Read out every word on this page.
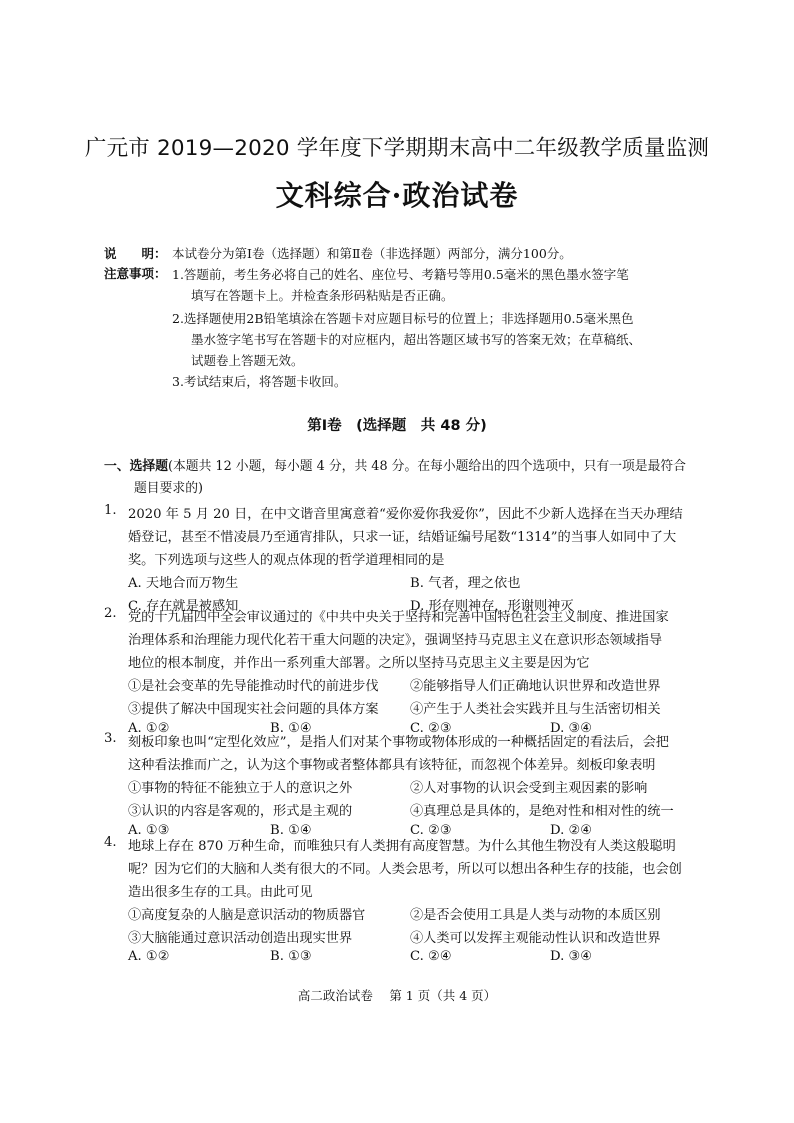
广元市 2019—2020 学年度下学期期末高中二年级教学质量监测
文科综合·政治试卷
说　　明： 本试卷分为第Ⅰ卷（选择题）和第Ⅱ卷（非选择题）两部分，满分100分。
注意事项： 1.答题前，考生务必将自己的姓名、座位号、考籍号等用0.5毫米的黑色墨水签字笔
填写在答题卡上。并检查条形码粘贴是否正确。
2.选择题使用2B铅笔填涂在答题卡对应题目标号的位置上；非选择题用0.5毫米黑色
墨水签字笔书写在答题卡的对应框内，超出答题区域书写的答案无效；在草稿纸、
试题卷上答题无效。
3.考试结束后，将答题卡收回。
第Ⅰ卷　(选择题　共 48 分)
一、选择题(本题共 12 小题，每小题 4 分，共 48 分。在每小题给出的四个选项中，只有一项是最符合
题目要求的)
1. 2020 年 5 月 20 日，在中文谐音里寓意着“爱你爱你我爱你”，因此不少新人选择在当天办理结
婚登记，甚至不惜凌晨乃至通宵排队，只求一证，结婚证编号尾数“1314”的当事人如同中了大
奖。下列选项与这些人的观点体现的哲学道理相同的是
A. 天地合而万物生	B. 气者，理之依也
C. 存在就是被感知	D. 形存则神存，形谢则神灭
2. 党的十九届四中全会审议通过的《中共中央关于坚持和完善中国特色社会主义制度、推进国家
治理体系和治理能力现代化若干重大问题的决定》，强调坚持马克思主义在意识形态领域指导
地位的根本制度，并作出一系列重大部署。之所以坚持马克思主义主要是因为它
①是社会变革的先导能推动时代的前进步伐 ②能够指导人们正确地认识世界和改造世界
③提供了解决中国现实社会问题的具体方案 ④产生于人类社会实践并且与生活密切相关
A. ①②	B. ①④	C. ②③	D. ③④
3. 刻板印象也叫“定型化效应”，是指人们对某个事物或物体形成的一种概括固定的看法后，会把
这种看法推而广之，认为这个事物或者整体都具有该特征，而忽视个体差异。刻板印象表明
①事物的特征不能独立于人的意识之外	②人对事物的认识会受到主观因素的影响
③认识的内容是客观的，形式是主观的	④真理总是具体的，是绝对性和相对性的统一
A. ①③	B. ①④	C. ②③	D. ②④
4. 地球上存在 870 万种生命，而唯独只有人类拥有高度智慧。为什么其他生物没有人类这般聪明
呢？因为它们的大脑和人类有很大的不同。人类会思考，所以可以想出各种生存的技能，也会创
造出很多生存的工具。由此可见
①高度复杂的人脑是意识活动的物质器官	②是否会使用工具是人类与动物的本质区别
③大脑能通过意识活动创造出现实世界	④人类可以发挥主观能动性认识和改造世界
A. ①②	B. ①③	C. ②④	D. ③④
高二政治试卷　 第 1 页（共 4 页）
